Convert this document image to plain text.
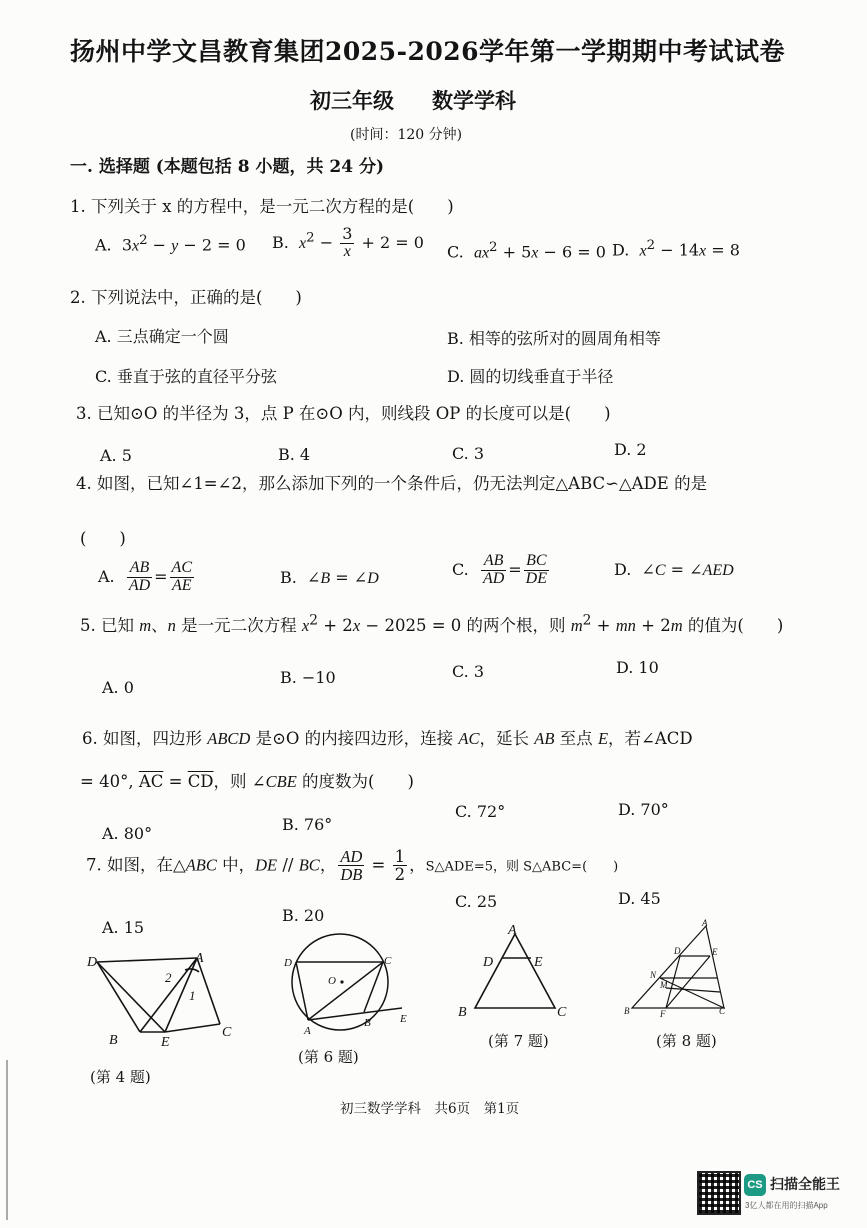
扬州中学文昌教育集团2025-2026学年第一学期期中考试试卷
初三年级 数学学科
(时间：120 分钟)
一. 选择题 (本题包括 8 小题，共 24 分)
1. 下列关于 x 的方程中，是一元二次方程的是(　　)
A.  $3x^2 - y - 2 = 0$ B.  $x^2 - \frac{3}{x} + 2 = 0$
C.  $ax^2 + 5x - 6 = 0$ D.  $x^2 - 14x = 8$
2. 下列说法中，正确的是(　　)
A. 三点确定一个圆	B. 相等的弦所对的圆周角相等
C. 垂直于弦的直径平分弦	D. 圆的切线垂直于半径
3. 已知⊙O 的半径为 3，点 P 在⊙O 内，则线段 OP 的长度可以是(　　)
A. 5	B. 4	C. 3	D. 2
4. 如图，已知∠1=∠2，那么添加下列的一个条件后，仍无法判定△ABC∽△ADE 的是
(　　)
A. $\frac{AB}{AD} = \frac{AC}{AE}$	B.  ∠B = ∠D	C. $\frac{AB}{AD} = \frac{BC}{DE}$	D.  ∠C = ∠AED
5. 已知 m、n 是一元二次方程 $x^2 + 2x - 2025 = 0$ 的两个根，则 $m^2$ + mn + 2m 的值为(　　)
A. 0
B. −10	C. 3	D. 10
6. 如图，四边形 ABCD 是⊙O 的内接四边形，连接 AC，延长 AB 至点 E，若∠ACD
= 40°, $\overline{AC} = \overline{CD}$，则 ∠CBE 的度数为(　　)
A. 80°	B. 76°
C. 72°	D. 70°
7. 如图，在△ABC 中，DE // BC， $\frac{AD}{DB} = \frac{1}{2}$ ，S△ADE=5，则 S△ABC=(　　)
A. 15
B. 20
C. 25	D. 45
D	A
2
1
B	E
C
(第 4 题)
D	C
O
A
B	E
(第 6 题)
A
D	E
B	C
(第 7 题)
A
D	E
N
M
B	F	C
(第 8 题)
初三数学学科　共6页　第1页
CS 扫描全能王
3亿人都在用的扫描App
